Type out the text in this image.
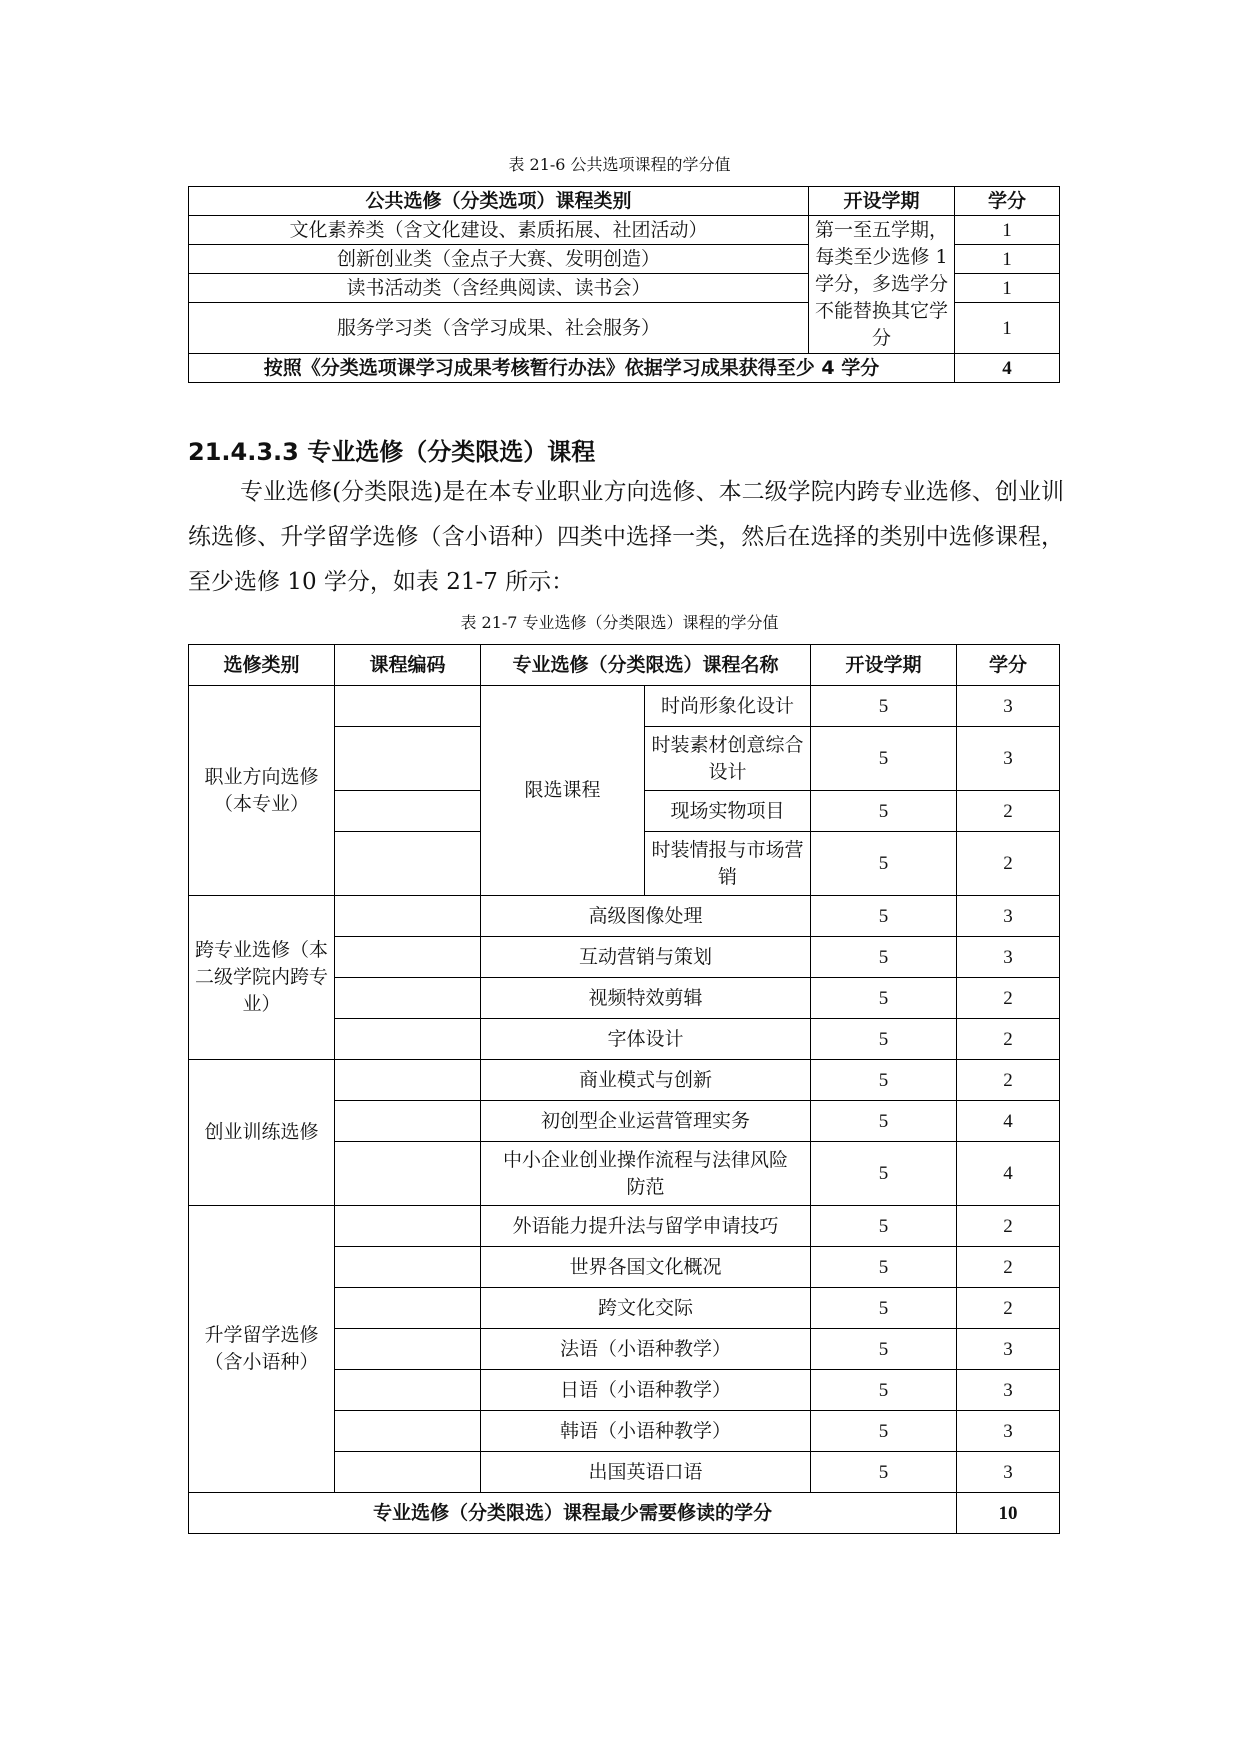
表 21-6 公共选项课程的学分值
公共选修（分类选项）课程类别	开设学期	学分
文化素养类（含文化建设、素质拓展、社团活动）	第一至五学期，每类至少选修 1 学分，多选学分不能替换其它学分	1
创新创业类（金点子大赛、发明创造）		1
读书活动类（含经典阅读、读书会）		1
服务学习类（含学习成果、社会服务）		1
按照《分类选项课学习成果考核暂行办法》依据学习成果获得至少 4 学分		4
21.4.3.3 专业选修（分类限选）课程
专业选修(分类限选)是在本专业职业方向选修、本二级学院内跨专业选修、创业训练选修、升学留学选修（含小语种）四类中选择一类，然后在选择的类别中选修课程，至少选修 10 学分，如表 21-7 所示：
表 21-7 专业选修（分类限选）课程的学分值
选修类别	课程编码	专业选修（分类限选）课程名称		开设学期	学分
职业方向选修（本专业）		限选课程	时尚形象化设计	5	3
			时装素材创意综合设计	5	3
			现场实物项目	5	2
			时装情报与市场营销	5	2
跨专业选修（本二级学院内跨专业）		高级图像处理		5	3
		互动营销与策划		5	3
		视频特效剪辑		5	2
		字体设计		5	2
创业训练选修		商业模式与创新		5	2
		初创型企业运营管理实务		5	4
		中小企业创业操作流程与法律风险防范		5	4
升学留学选修（含小语种）		外语能力提升法与留学申请技巧		5	2
		世界各国文化概况		5	2
		跨文化交际		5	2
		法语（小语种教学）		5	3
		日语（小语种教学）		5	3
		韩语（小语种教学）		5	3
		出国英语口语		5	3
专业选修（分类限选）课程最少需要修读的学分					10
